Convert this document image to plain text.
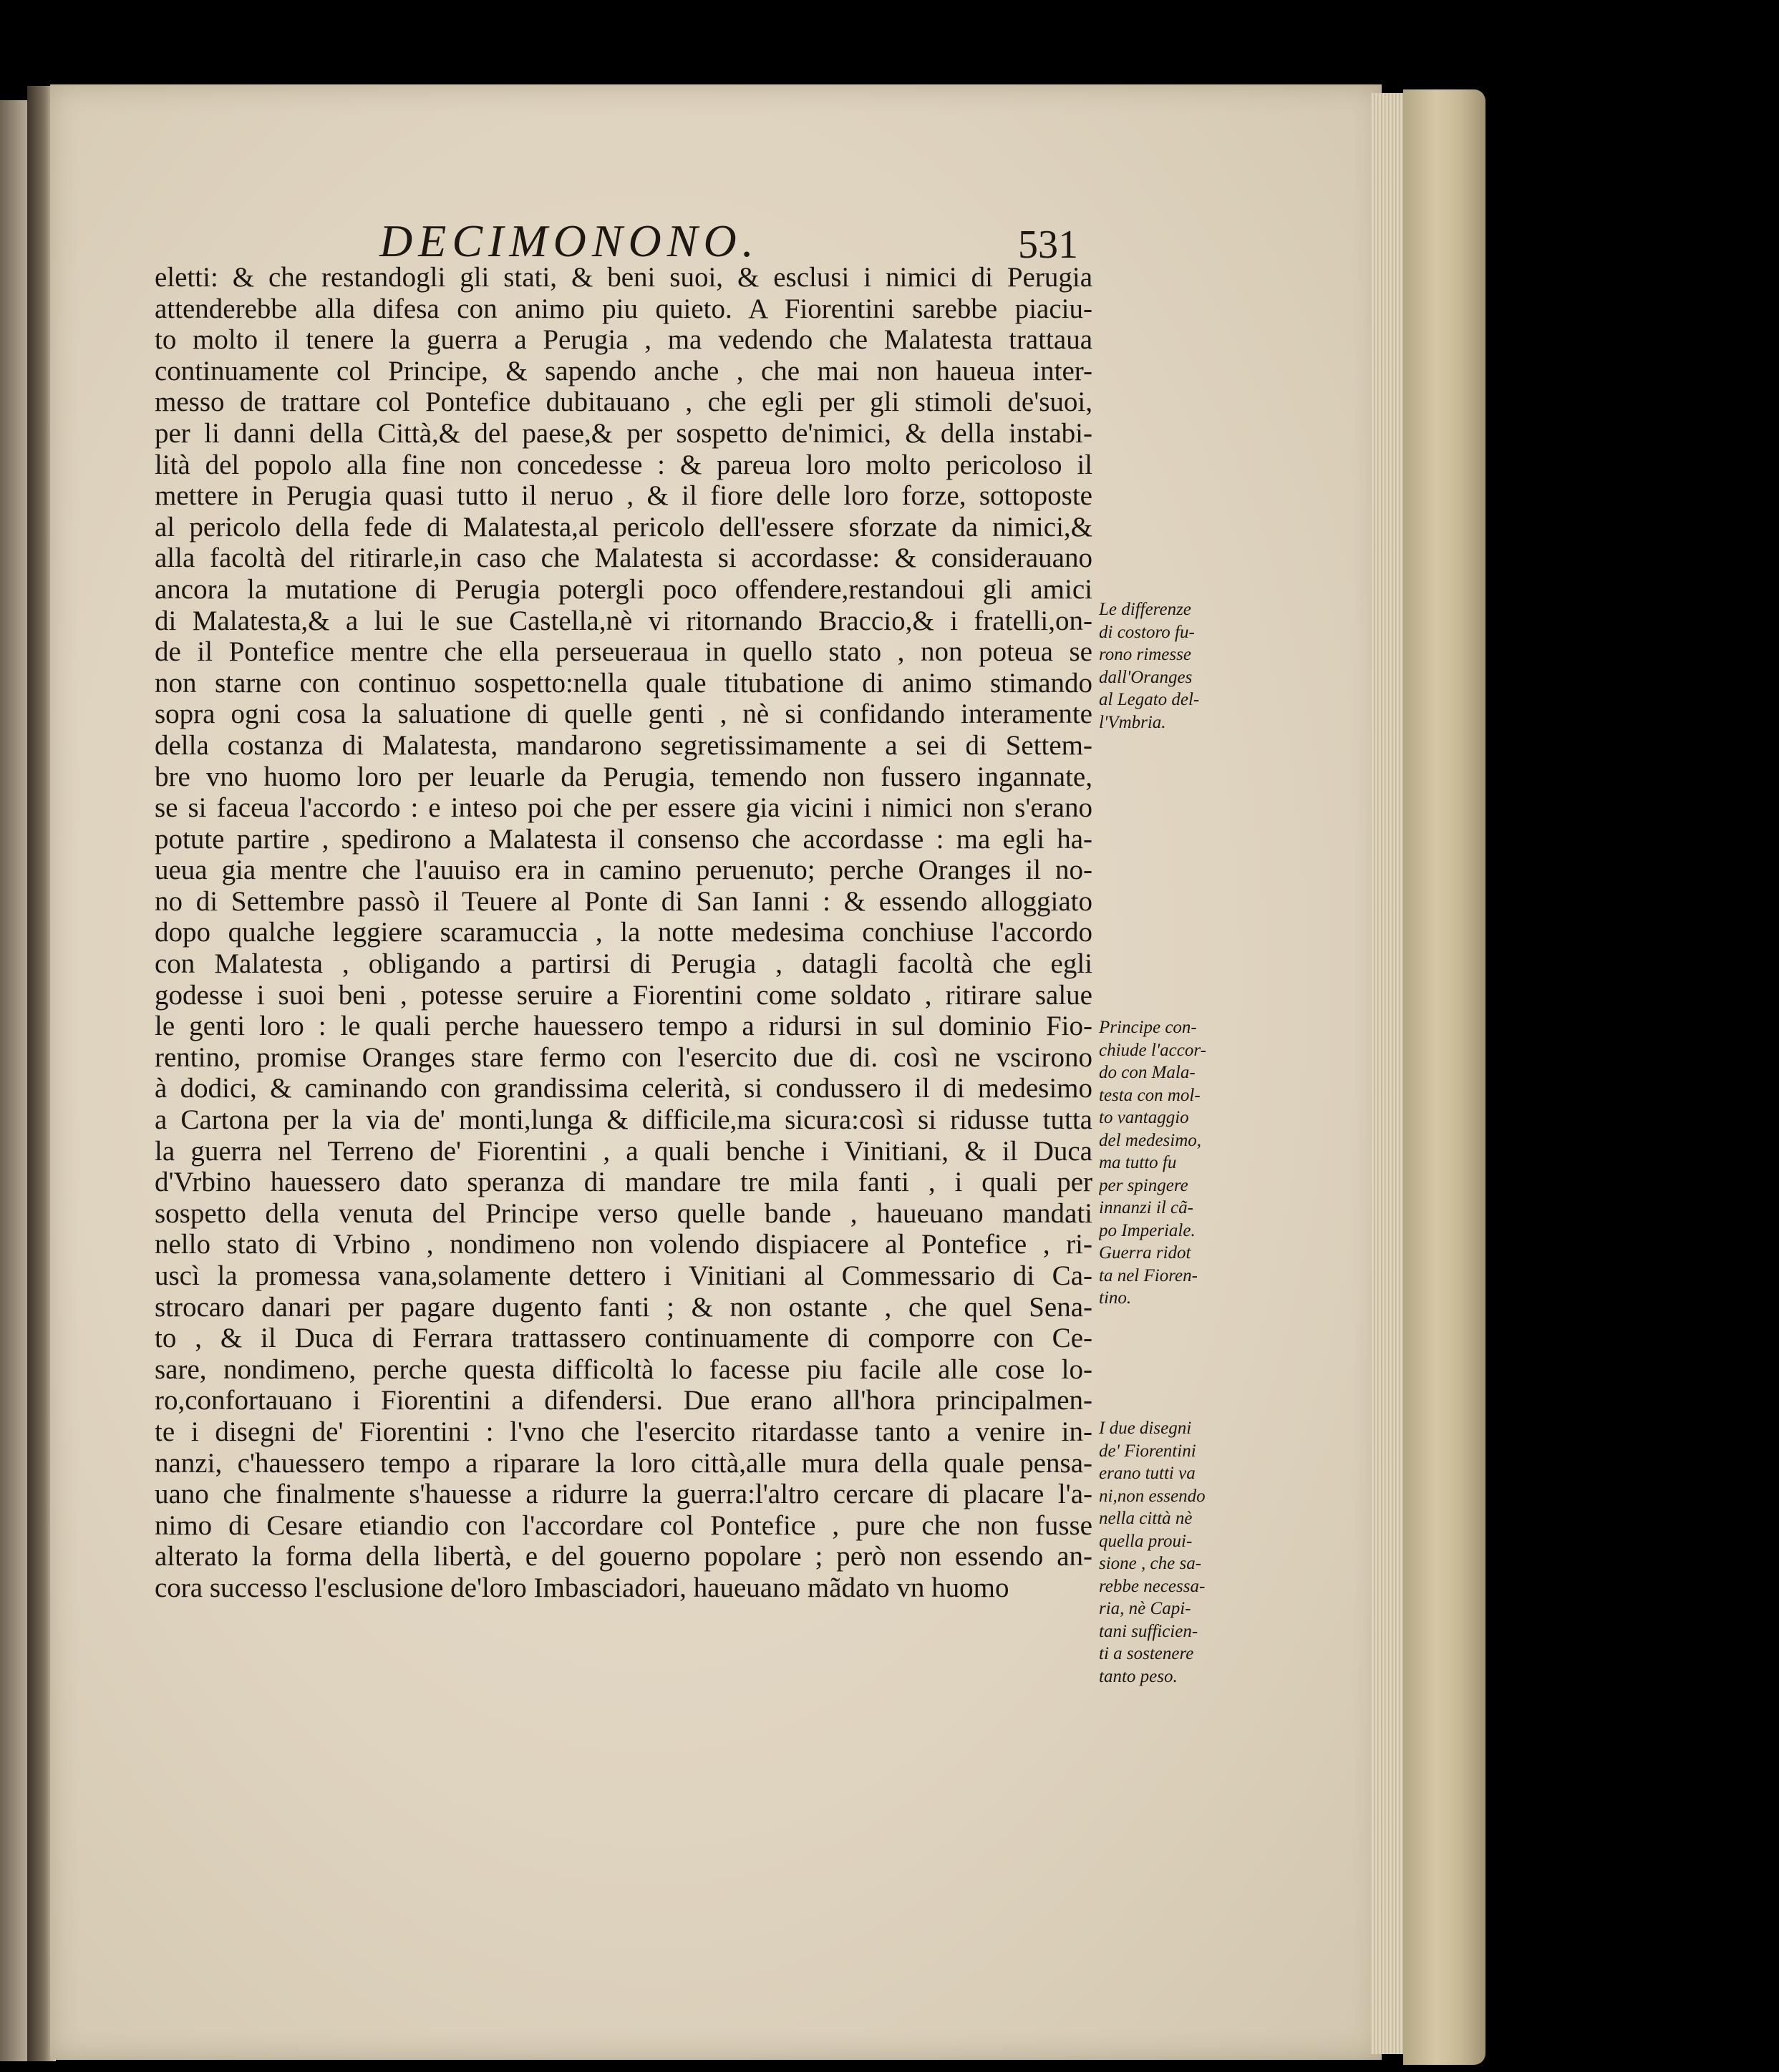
DECIMONONO.	531
eletti: & che restandogli gli stati, & beni suoi, & esclusi i nimici di Perugia
attenderebbe alla difesa con animo piu quieto. A Fiorentini sarebbe piaciu-
to molto il tenere la guerra a Perugia , ma vedendo che Malatesta trattaua
continuamente col Principe, & sapendo anche , che mai non haueua inter-
messo de trattare col Pontefice dubitauano , che egli per gli stimoli de'suoi,
per li danni della Città,& del paese,& per sospetto de'nimici, & della instabi-
lità del popolo alla fine non concedesse : & pareua loro molto pericoloso il
mettere in Perugia quasi tutto il neruo , & il fiore delle loro forze, sottoposte
al pericolo della fede di Malatesta,al pericolo dell'essere sforzate da nimici,&
alla facoltà del ritirarle,in caso che Malatesta si accordasse: & considerauano
ancora la mutatione di Perugia potergli poco offendere,restandoui gli amici
di Malatesta,& a lui le sue Castella,nè vi ritornando Braccio,& i fratelli,on-
de il Pontefice mentre che ella perseueraua in quello stato , non poteua se
non starne con continuo sospetto:nella quale titubatione di animo stimando
sopra ogni cosa la saluatione di quelle genti , nè si confidando interamente
della costanza di Malatesta, mandarono segretissimamente a sei di Settem-
bre vno huomo loro per leuarle da Perugia, temendo non fussero ingannate,
se si faceua l'accordo : e inteso poi che per essere gia vicini i nimici non s'erano
potute partire , spedirono a Malatesta il consenso che accordasse : ma egli ha-
ueua gia mentre che l'auuiso era in camino peruenuto; perche Oranges il no-
no di Settembre passò il Teuere al Ponte di San Ianni : & essendo alloggiato
dopo qualche leggiere scaramuccia , la notte medesima conchiuse l'accordo
con Malatesta , obligando a partirsi di Perugia , datagli facoltà che egli
godesse i suoi beni , potesse seruire a Fiorentini come soldato , ritirare salue
le genti loro : le quali perche hauessero tempo a ridursi in sul dominio Fio-
rentino, promise Oranges stare fermo con l'esercito due di. così ne vscirono
à dodici, & caminando con grandissima celerità, si condussero il di medesimo
a Cartona per la via de' monti,lunga & difficile,ma sicura:così si ridusse tutta
la guerra nel Terreno de' Fiorentini , a quali benche i Vinitiani, & il Duca
d'Vrbino hauessero dato speranza di mandare tre mila fanti , i quali per
sospetto della venuta del Principe verso quelle bande , haueuano mandati
nello stato di Vrbino , nondimeno non volendo dispiacere al Pontefice , ri-
uscì la promessa vana,solamente dettero i Vinitiani al Commessario di Ca-
strocaro danari per pagare dugento fanti ; & non ostante , che quel Sena-
to , & il Duca di Ferrara trattassero continuamente di comporre con Ce-
sare, nondimeno, perche questa difficoltà lo facesse piu facile alle cose lo-
ro,confortauano i Fiorentini a difendersi. Due erano all'hora principalmen-
te i disegni de' Fiorentini : l'vno che l'esercito ritardasse tanto a venire in-
nanzi, c'hauessero tempo a riparare la loro città,alle mura della quale pensa-
uano che finalmente s'hauesse a ridurre la guerra:l'altro cercare di placare l'a-
nimo di Cesare etiandio con l'accordare col Pontefice , pure che non fusse
alterato la forma della libertà, e del gouerno popolare ; però non essendo an-
cora successo l'esclusione de'loro Imbasciadori, haueuano mãdato vn huomo
Le differenze
di costoro fu-
rono rimesse
dall'Oranges
al Legato del-
l'Vmbria.
Principe con-
chiude l'accor-
do con Mala-
testa con mol-
to vantaggio
del medesimo,
ma tutto fu
per spingere
innanzi il cã-
po Imperiale.
Guerra ridot
ta nel Fioren-
tino.
I due disegni
de' Fiorentini
erano tutti va
ni,non essendo
nella città nè
quella proui-
sione , che sa-
rebbe necessa-
ria, nè Capi-
tani sufficien-
ti a sostenere
tanto peso.
